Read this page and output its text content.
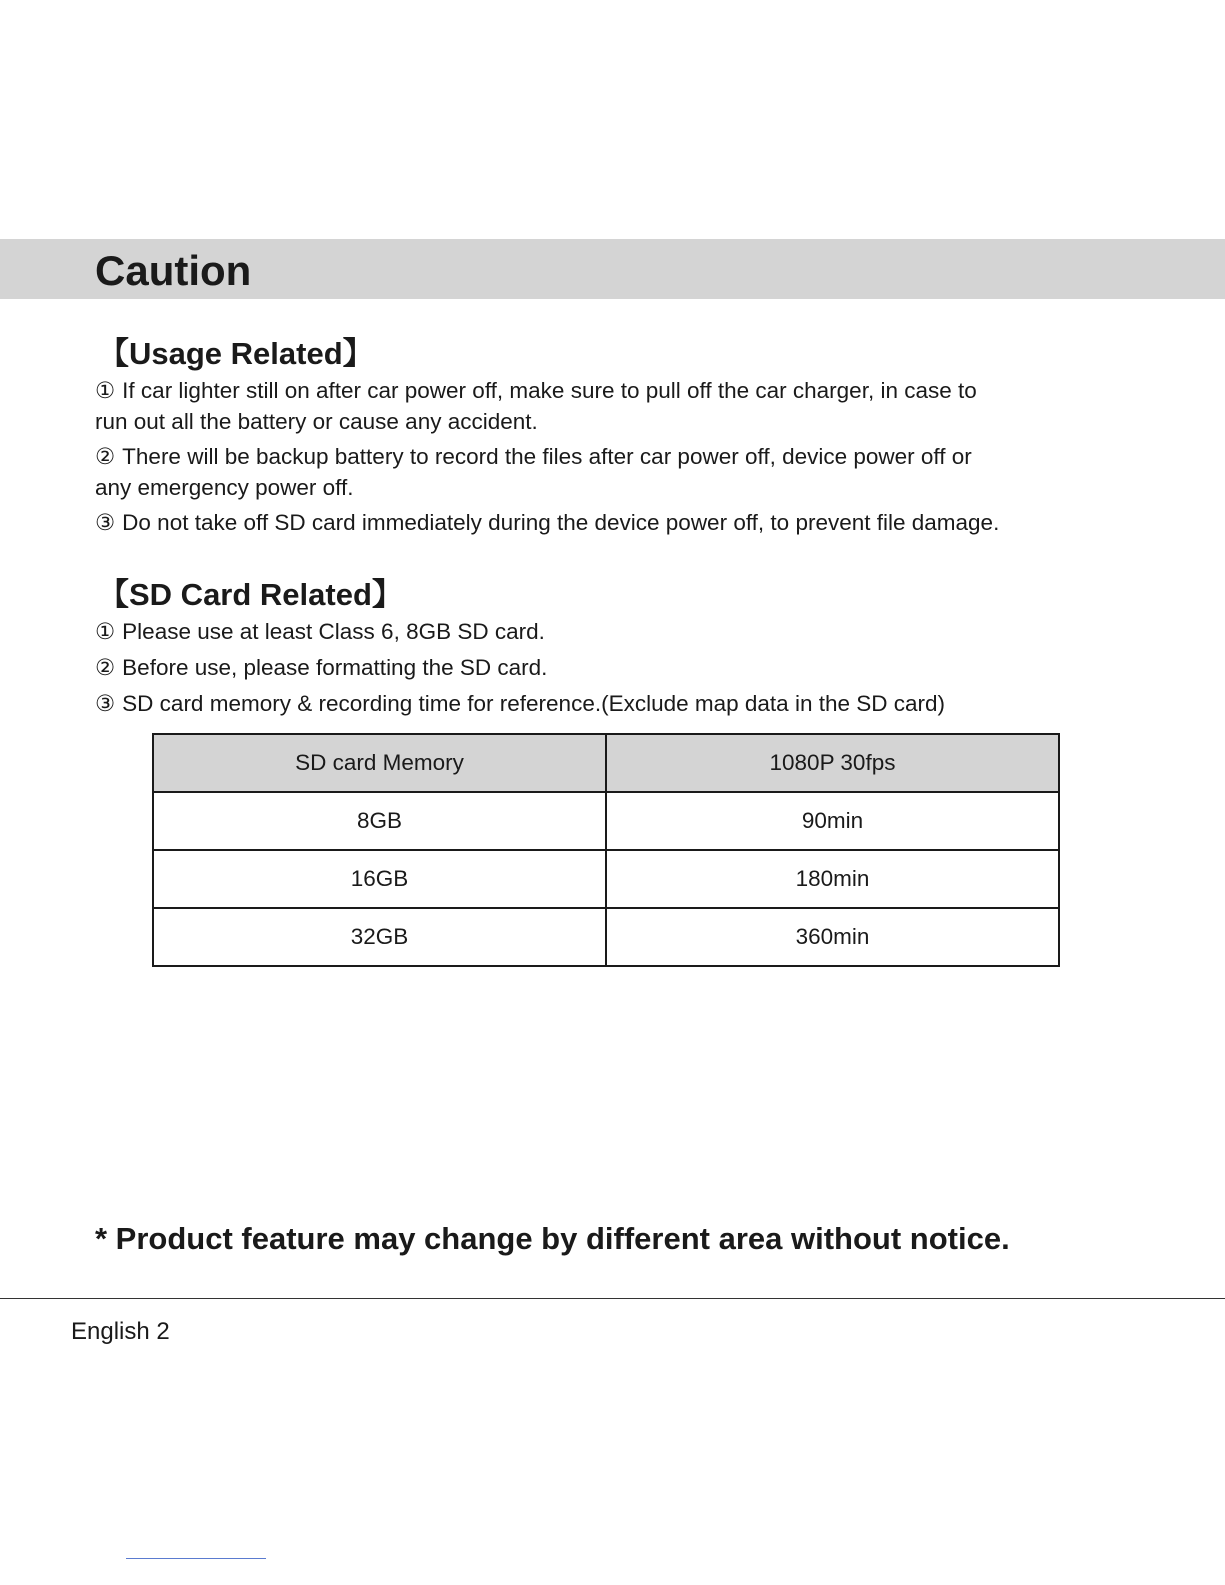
Caution
【Usage Related】

① If car lighter still on after car power off, make sure to pull off the car charger, in case to
run out all the battery or cause any accident.

② There will be backup battery to record the files after car power off, device power off or
any emergency power off.

③ Do not take off SD card immediately during the device power off, to prevent file damage.

【SD Card Related】

① Please use at least Class 6, 8GB SD card.

② Before use, please formatting the SD card.

③ SD card memory & recording time for reference.(Exclude map data in the SD card)

SD card Memory	1080P 30fps
8GB	90min
16GB	180min
32GB	360min

* Product feature may change by different area without notice.

English 2
